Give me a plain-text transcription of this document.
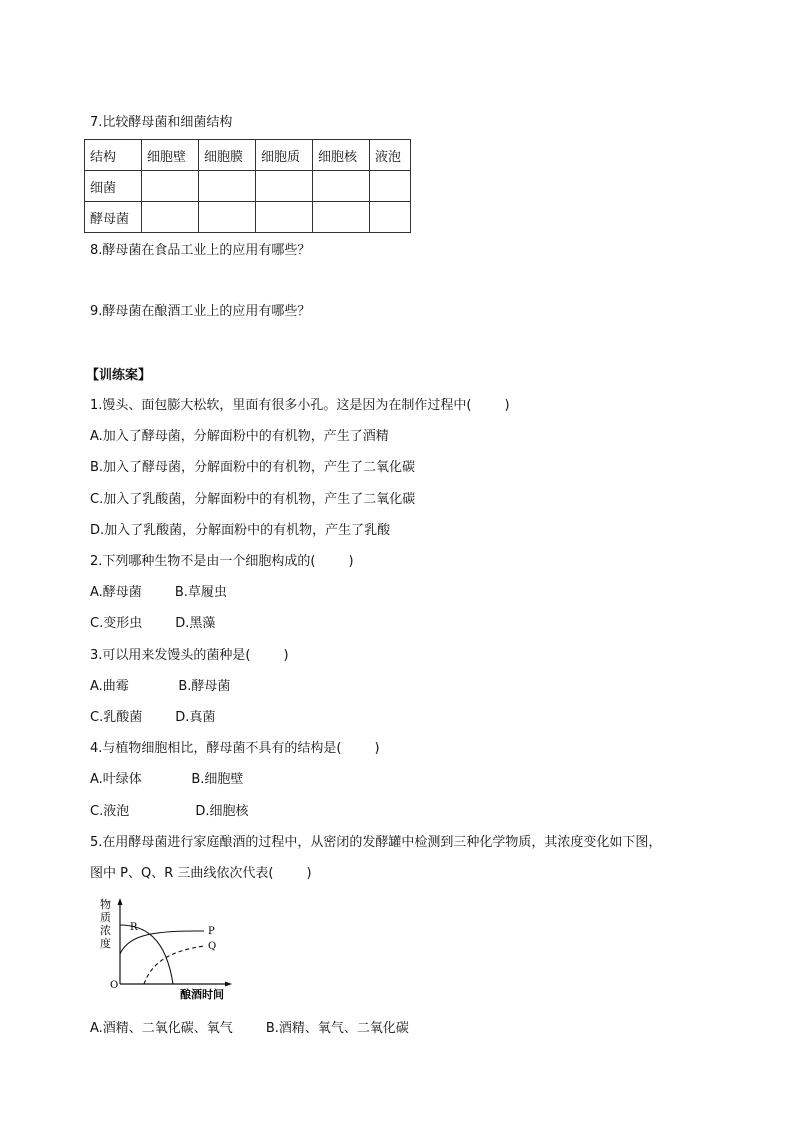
7.比较酵母菌和细菌结构
结构	细胞壁	细胞膜	细胞质	细胞核	液泡
细菌					
酵母菌					
8.酵母菌在食品工业上的应用有哪些？
9.酵母菌在酿酒工业上的应用有哪些？
【训练案】
1.馒头、面包膨大松软，里面有很多小孔。这是因为在制作过程中(        )
A.加入了酵母菌，分解面粉中的有机物，产生了酒精
B.加入了酵母菌，分解面粉中的有机物，产生了二氧化碳
C.加入了乳酸菌，分解面粉中的有机物，产生了二氧化碳
D.加入了乳酸菌，分解面粉中的有机物，产生了乳酸
2.下列哪种生物不是由一个细胞构成的(        )
A.酵母菌        B.草履虫
C.变形虫        D.黑藻
3.可以用来发馒头的菌种是(        )
A.曲霉            B.酵母菌
C.乳酸菌        D.真菌
4.与植物细胞相比，酵母菌不具有的结构是(        )
A.叶绿体            B.细胞壁
C.液泡                D.细胞核
5.在用酵母菌进行家庭酿酒的过程中，从密闭的发酵罐中检测到三种化学物质，其浓度变化如下图，
图中 P、Q、R 三曲线依次代表(        )
物
质
浓
度
O
R	P
Q
酿酒时间
A.酒精、二氧化碳、氧气        B.酒精、氧气、二氧化碳
